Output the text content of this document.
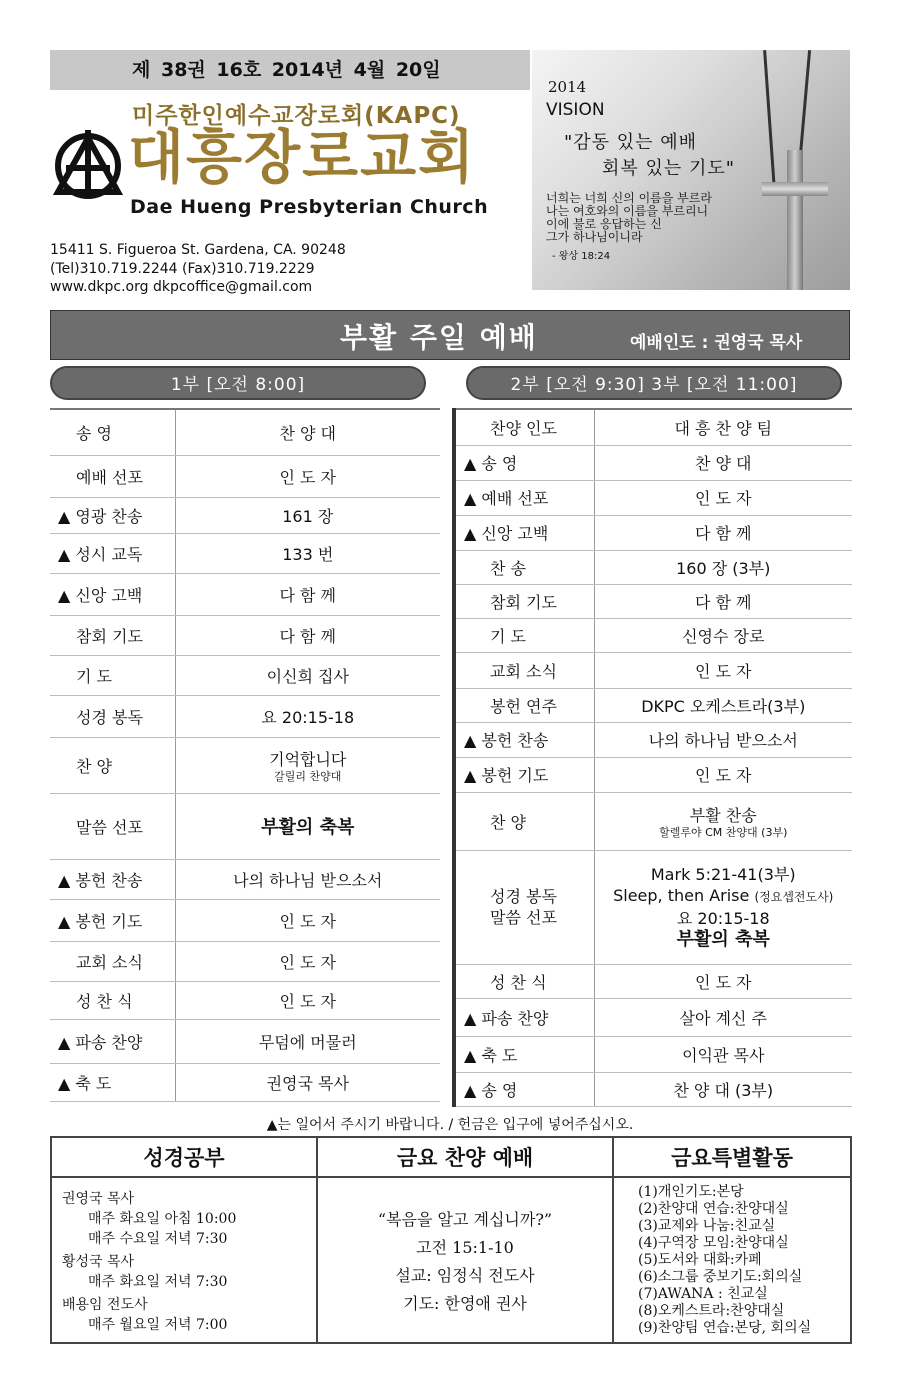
제 38권 16호 2014년 4월 20일
미주한인예수교장로회(KAPC)
대흥장로교회
Dae Hueng Presbyterian Church
15411 S. Figueroa St. Gardena, CA. 90248
(Tel)310.719.2244 (Fax)310.719.2229
www.dkpc.org dkpcoffice@gmail.com
2014
VISION
"감동 있는 예배
회복 있는 기도"
너희는 너희 신의 이름을 부르라
나는 여호와의 이름을 부르리니
이에 불로 응답하는 신
그가 하나님이니라
- 왕상 18:24
부활 주일 예배	예배인도 : 권영국 목사
1부 [오전 8:00]	2부 [오전 9:30] 3부 [오전 11:00]
송 영	찬 양 대
예배 선포	인 도 자
▲ 영광 찬송	161 장
▲ 성시 교독	133 번
▲ 신앙 고백	다 함 께
참회 기도	다 함 께
기 도	이신희 집사
성경 봉독	요 20:15-18
찬 양	기억합니다
갈릴리 찬양대

말씀 선포	부활의 축복
▲ 봉헌 찬송	나의 하나님 받으소서
▲ 봉헌 기도	인 도 자
교회 소식	인 도 자
성 찬 식	인 도 자
▲ 파송 찬양	무덤에 머물러
▲ 축 도	권영국 목사
찬양 인도	대 흥 찬 양 팀
▲ 송 영	찬 양 대
▲ 예배 선포	인 도 자
▲ 신앙 고백	다 함 께
찬 송	160 장 (3부)
참회 기도	다 함 께
기 도	신영수 장로
교회 소식	인 도 자
봉헌 연주	DKPC 오케스트라(3부)
▲ 봉헌 찬송	나의 하나님 받으소서
▲ 봉헌 기도	인 도 자
찬 양	부활 찬송
할렐루야 CM 찬양대 (3부)

성경 봉독
말씀 선포	Mark 5:21-41(3부)
Sleep, then Arise (정요셉전도사)
요 20:15-18
부활의 축복

성 찬 식	인 도 자
▲ 파송 찬양	살아 계신 주
▲ 축 도	이익관 목사
▲ 송 영	찬 양 대 (3부)
▲는 일어서 주시기 바랍니다. / 헌금은 입구에 넣어주십시오.
성경공부
권영국 목사
매주 화요일 아침 10:00
매주 수요일 저녁 7:30
황성국 목사
매주 화요일 저녁 7:30
배용임 전도사
매주 월요일 저녁 7:00
금요 찬양 예배
“복음을 알고 계십니까?”
고전 15:1-10
설교: 임정식 전도사
기도: 한영애 권사
금요특별활동
(1)개인기도:본당
(2)찬양대 연습:찬양대실
(3)교제와 나눔:친교실
(4)구역장 모임:찬양대실
(5)도서와 대화:카페
(6)소그룹 중보기도:회의실
(7)AWANA : 친교실
(8)오케스트라:찬양대실
(9)찬양팀 연습:본당, 회의실
